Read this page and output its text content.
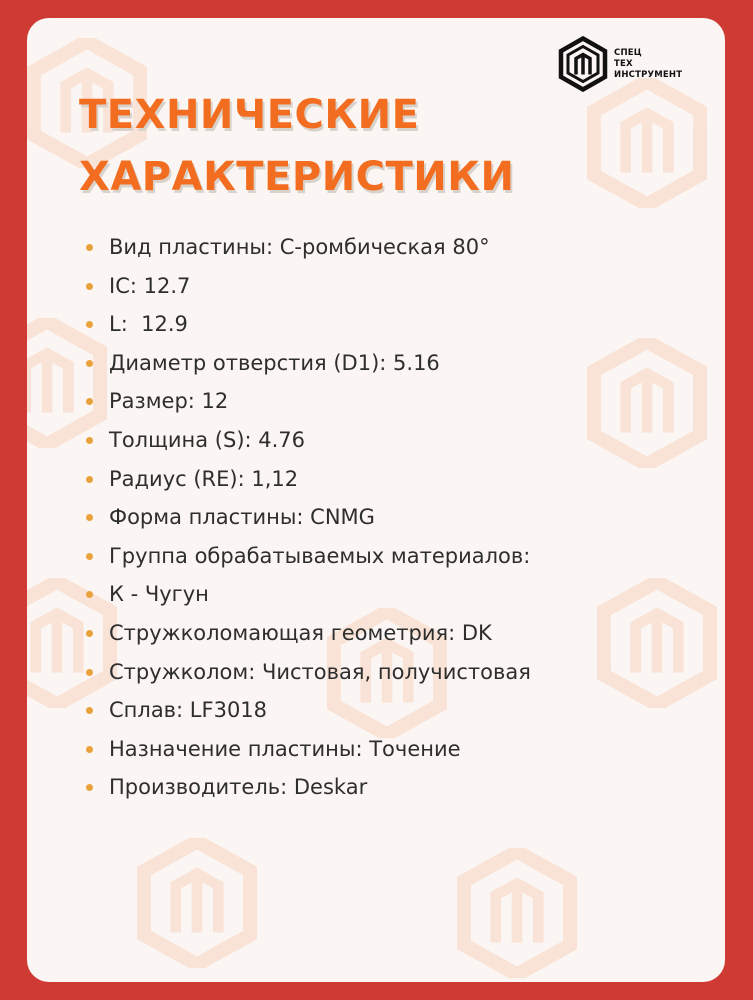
СПЕЦ
ТЕХ
ИНСТРУМЕНТ
ТЕХНИЧЕСКИЕ
ХАРАКТЕРИСТИКИ
Вид пластины: С-ромбическая 80°
IC: 12.7
L:  12.9
Диаметр отверстия (D1): 5.16
Размер: 12
Толщина (S): 4.76
Радиус (RE): 1,12
Форма пластины: CNMG
Группа обрабатываемых материалов:
К - Чугун
Стружколомающая геометрия: DK
Стружколом: Чистовая, получистовая
Сплав: LF3018
Назначение пластины: Точение
Производитель: Deskar
